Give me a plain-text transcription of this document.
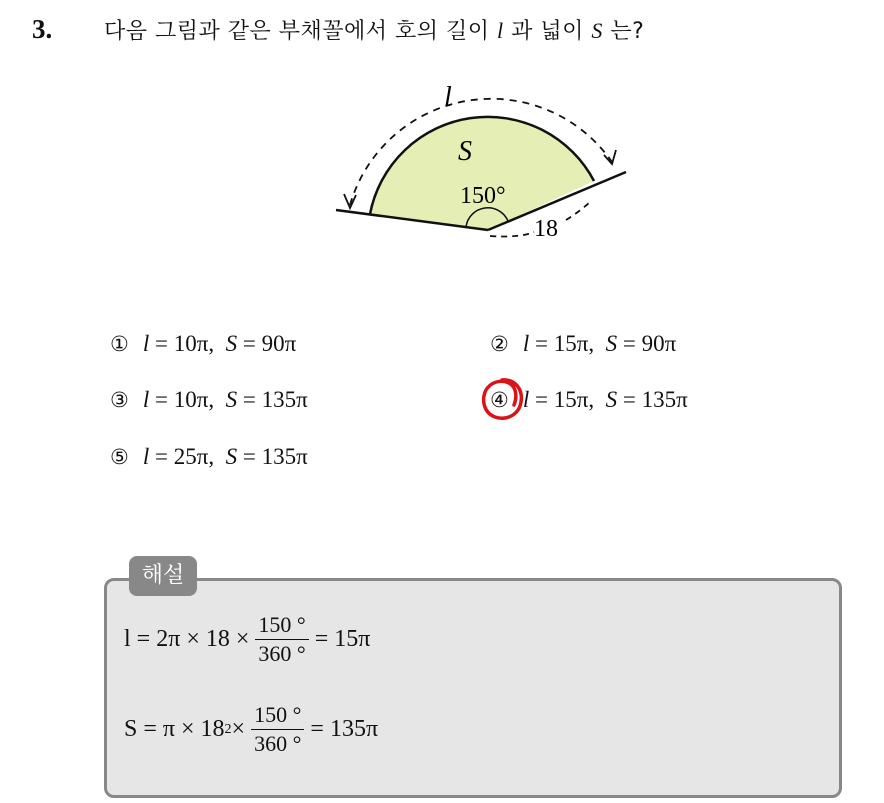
3. 다음 그림과 같은 부채꼴에서 호의 길이 l 과 넓이 S 는?
l
S
150°
18
① l = 10π,  S = 90π	② l = 15π,  S = 90π
③ l = 10π,  S = 135π	④ l = 15π,  S = 135π
⑤ l = 25π,  S = 135π
해설
$l = 2\pi \times 18 \times \frac{150 ^\circ}{360 ^\circ} = 15\pi$
S = π × 18 $2 \times \frac{150 ^\circ}{360 ^\circ} = 135\pi$
